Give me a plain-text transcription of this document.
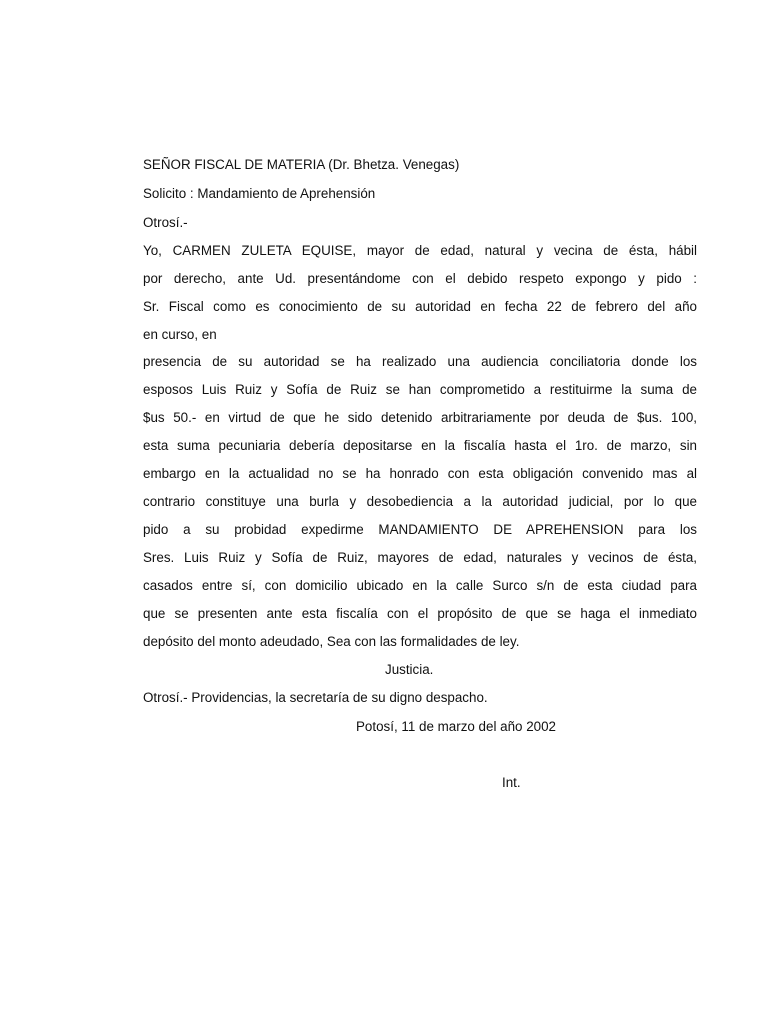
SEÑOR FISCAL DE MATERIA (Dr. Bhetza. Venegas)
Solicito : Mandamiento de Aprehensión
Otrosí.-
Yo, CARMEN ZULETA EQUISE, mayor de edad, natural y vecina de ésta, hábil
por derecho, ante Ud. presentándome con el debido respeto expongo y pido :
Sr. Fiscal como es conocimiento de su autoridad en fecha 22 de febrero del año
en curso, en
presencia de su autoridad se ha realizado una audiencia conciliatoria donde los
esposos Luis Ruiz y Sofía de Ruiz se han comprometido a restituirme la suma de
$us 50.- en virtud de que he sido detenido arbitrariamente por deuda de $us. 100,
esta suma pecuniaria debería depositarse en la fiscalía hasta el 1ro. de marzo, sin
embargo en la actualidad no se ha honrado con esta obligación convenido mas al
contrario constituye una burla y desobediencia a la autoridad judicial, por lo que
pido a su probidad expedirme MANDAMIENTO DE APREHENSION para los
Sres. Luis Ruiz y Sofía de Ruiz, mayores de edad, naturales y vecinos de ésta,
casados entre sí, con domicilio ubicado en la calle Surco s/n de esta ciudad para
que se presenten ante esta fiscalía con el propósito de que se haga el inmediato
depósito del monto adeudado, Sea con las formalidades de ley.
Justicia.
Otrosí.- Providencias, la secretaría de su digno despacho.
Potosí, 11 de marzo del año 2002
Int.
